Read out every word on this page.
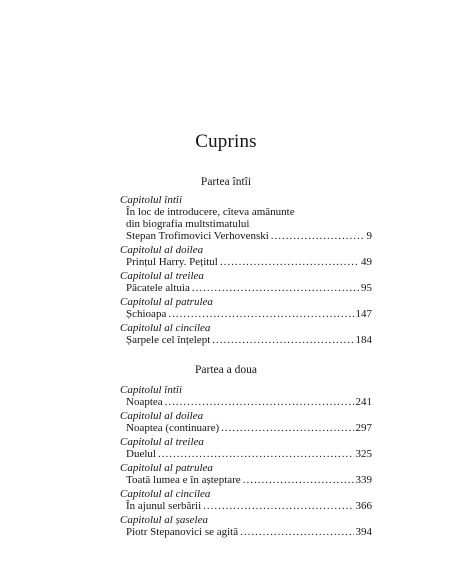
Cuprins
Partea întîi
Capitolul întîi
În loc de introducere, cîteva amănunte
din biografia multstimatului
Stepan Trofimovici Verhovenski .....	9
Capitolul al doilea
Prințul Harry. Pețitul .....	49
Capitolul al treilea
Păcatele altuia .....	95
Capitolul al patrulea
Șchioapa .....	147
Capitolul al cincilea
Șarpele cel înțelept .....	184
Partea a doua
Capitolul întîi
Noaptea .....	241
Capitolul al doilea
Noaptea (continuare) .....	297
Capitolul al treilea
Duelul .....	325
Capitolul al patrulea
Toată lumea e în așteptare .....	339
Capitolul al cincilea
În ajunul serbării .....	366
Capitolul al șaselea
Piotr Stepanovici se agită .....	394
